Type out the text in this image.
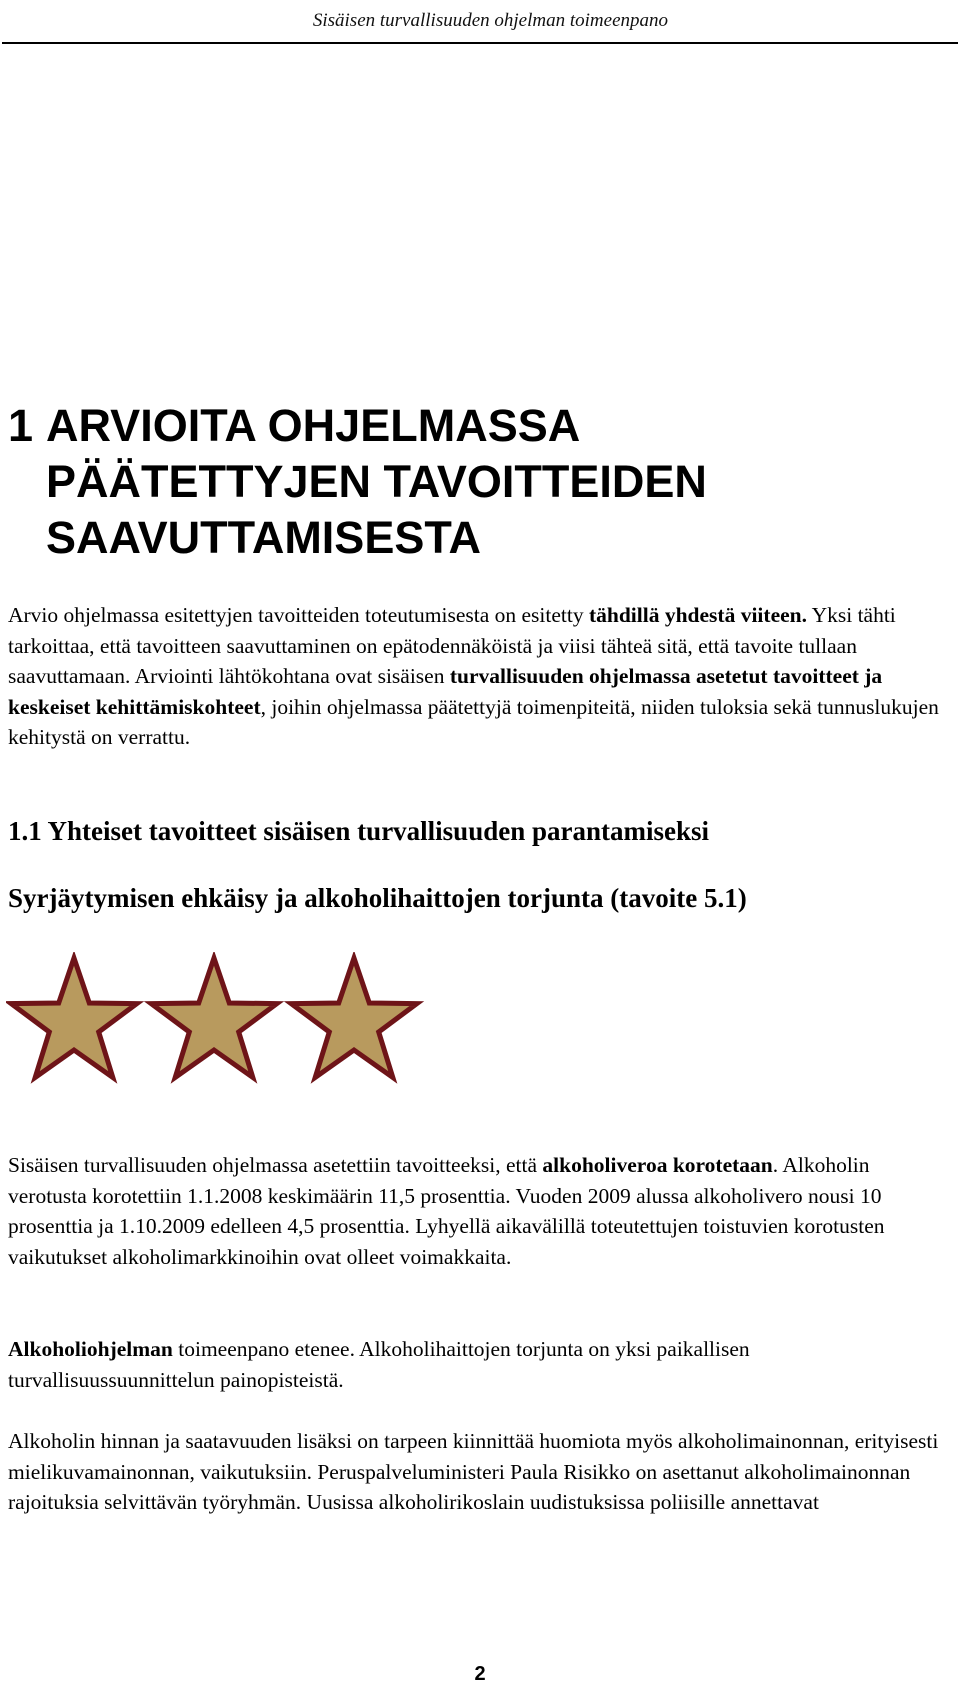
Sisäisen turvallisuuden ohjelman toimeenpano
1 ARVIOITA OHJELMASSA
PÄÄTETTYJEN TAVOITTEIDEN
SAAVUTTAMISESTA

Arvio ohjelmassa esitettyjen tavoitteiden toteutumisesta on esitetty tähdillä yhdestä viiteen. Yksi tähti tarkoittaa, että tavoitteen saavuttaminen on epätodennäköistä ja viisi tähteä sitä, että tavoite tullaan saavuttamaan. Arviointi lähtökohtana ovat sisäisen turvallisuuden ohjelmassa asetetut tavoitteet ja keskeiset kehittämiskohteet, joihin ohjelmassa päätettyjä toimenpiteitä, niiden tuloksia sekä tunnuslukujen kehitystä on verrattu.

1.1 Yhteiset tavoitteet sisäisen turvallisuuden parantamiseksi
Syrjäytymisen ehkäisy ja alkoholihaittojen torjunta (tavoite 5.1)

Sisäisen turvallisuuden ohjelmassa asetettiin tavoitteeksi, että alkoholiveroa korotetaan. Alkoholin verotusta korotettiin 1.1.2008 keskimäärin 11,5 prosenttia. Vuoden 2009 alussa alkoholivero nousi 10 prosenttia ja 1.10.2009 edelleen 4,5 prosenttia. Lyhyellä aikavälillä toteutettujen toistuvien korotusten vaikutukset alkoholimarkkinoihin ovat olleet voimakkaita.

Alkoholiohjelman toimeenpano etenee. Alkoholihaittojen torjunta on yksi paikallisen turvallisuussuunnittelun painopisteistä.

Alkoholin hinnan ja saatavuuden lisäksi on tarpeen kiinnittää huomiota myös alkoholimainonnan, erityisesti mielikuvamainonnan, vaikutuksiin. Peruspalveluministeri Paula Risikko on asettanut alkoholimainonnan rajoituksia selvittävän työryhmän. Uusissa alkoholirikoslain uudistuksissa poliisille annettavat

2
